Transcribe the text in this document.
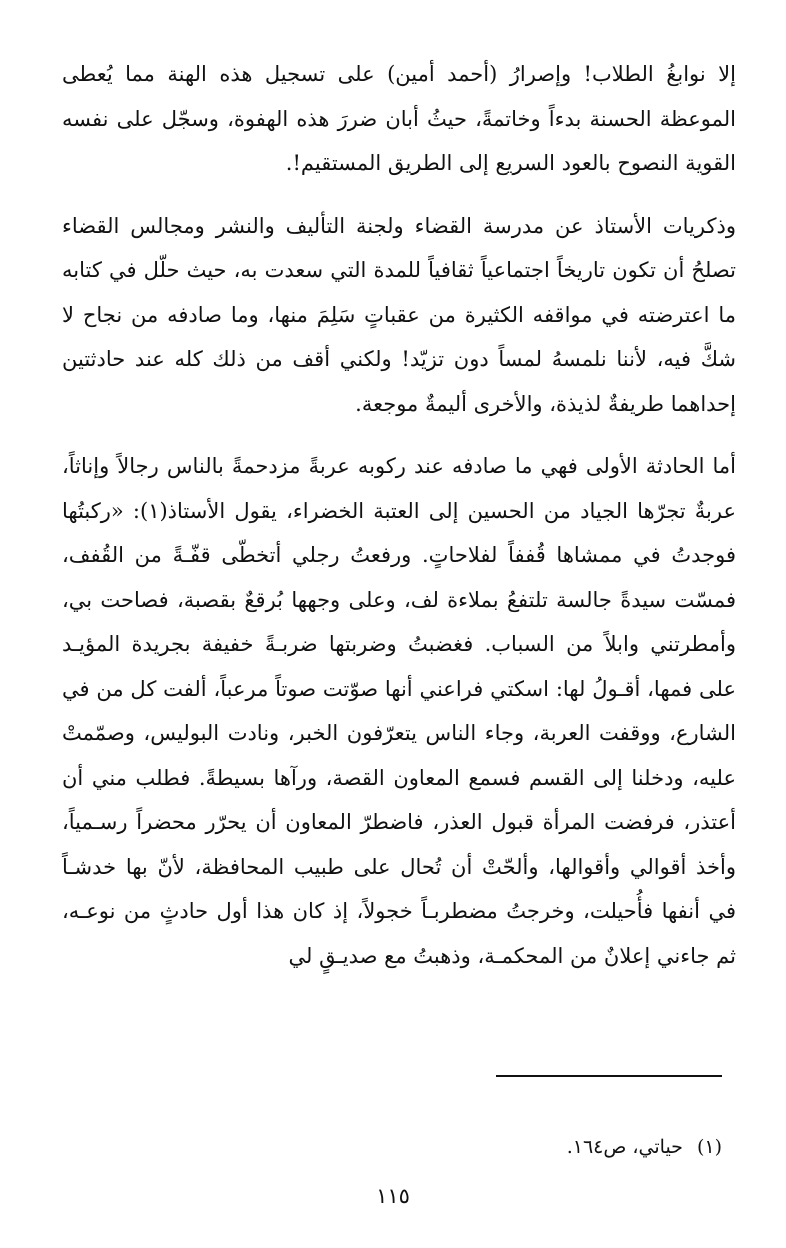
إلا نوابغُ الطلاب! وإصرارُ (أحمد أمين) على تسجيل هذه الهنة مما يُعطى الموعظة الحسنة بدءاً وخاتمةً، حيثُ أبان ضررَ هذه الهفوة، وسجّل على نفسه القوية النصوح بالعود السريع إلى الطريق المستقيم!.

وذكريات الأستاذ عن مدرسة القضاء ولجنة التأليف والنشر ومجالس القضاء تصلحُ أن تكون تاريخاً اجتماعياً ثقافياً للمدة التي سعدت به، حيث حلّل في كتابه ما اعترضته في مواقفه الكثيرة من عقباتٍ سَلِمَ منها، وما صادفه من نجاح لا شكَّ فيه، لأننا نلمسهُ لمساً دون تزيّد! ولكني أقف من ذلك كله عند حادثتين إحداهما طريفةٌ لذيذة، والأخرى أليمةٌ موجعة.

أما الحادثة الأولى فهي ما صادفه عند ركوبه عربةً مزدحمةً بالناس رجالاً وإناثاً، عربةٌ تجرّها الجياد من الحسين إلى العتبة الخضراء، يقول الأستاذ(١): «ركبتُها فوجدتُ في ممشاها قُففاً لفلاحاتٍ. ورفعتُ رجلي أتخطّى قفّـةً من القُفف، فمسّت سيدةً جالسة تلتفعُ بملاءة لف، وعلى وجهها بُرقعٌ بقصبة، فصاحت بي، وأمطرتني وابلاً من السباب. فغضبتُ وضربتها ضربـةً خفيفة بجريدة المؤيـد على فمها، أقـولُ لها: اسكتي فراعني أنها صوّتت صوتاً مرعباً، ألفت كل من في الشارع، ووقفت العربة، وجاء الناس يتعرّفون الخبر، ونادت البوليس، وصمّمتْ عليه، ودخلنا إلى القسم فسمع المعاون القصة، ورآها بسيطةً. فطلب مني أن أعتذر، فرفضت المرأة قبول العذر، فاضطرّ المعاون أن يحرّر محضراً رسـمياً، وأخذ أقوالي وأقوالها، وألحّتْ أن تُحال على طبيب المحافظة، لأنّ بها خدشـاً في أنفها فأُحيلت، وخرجتُ مضطربـاً خجولاً، إذ كان هذا أول حادثٍ من نوعـه، ثم جاءني إعلانٌ من المحكمـة، وذهبتُ مع صديـقٍ لي

(١)حياتي، ص١٦٤.
١١٥
